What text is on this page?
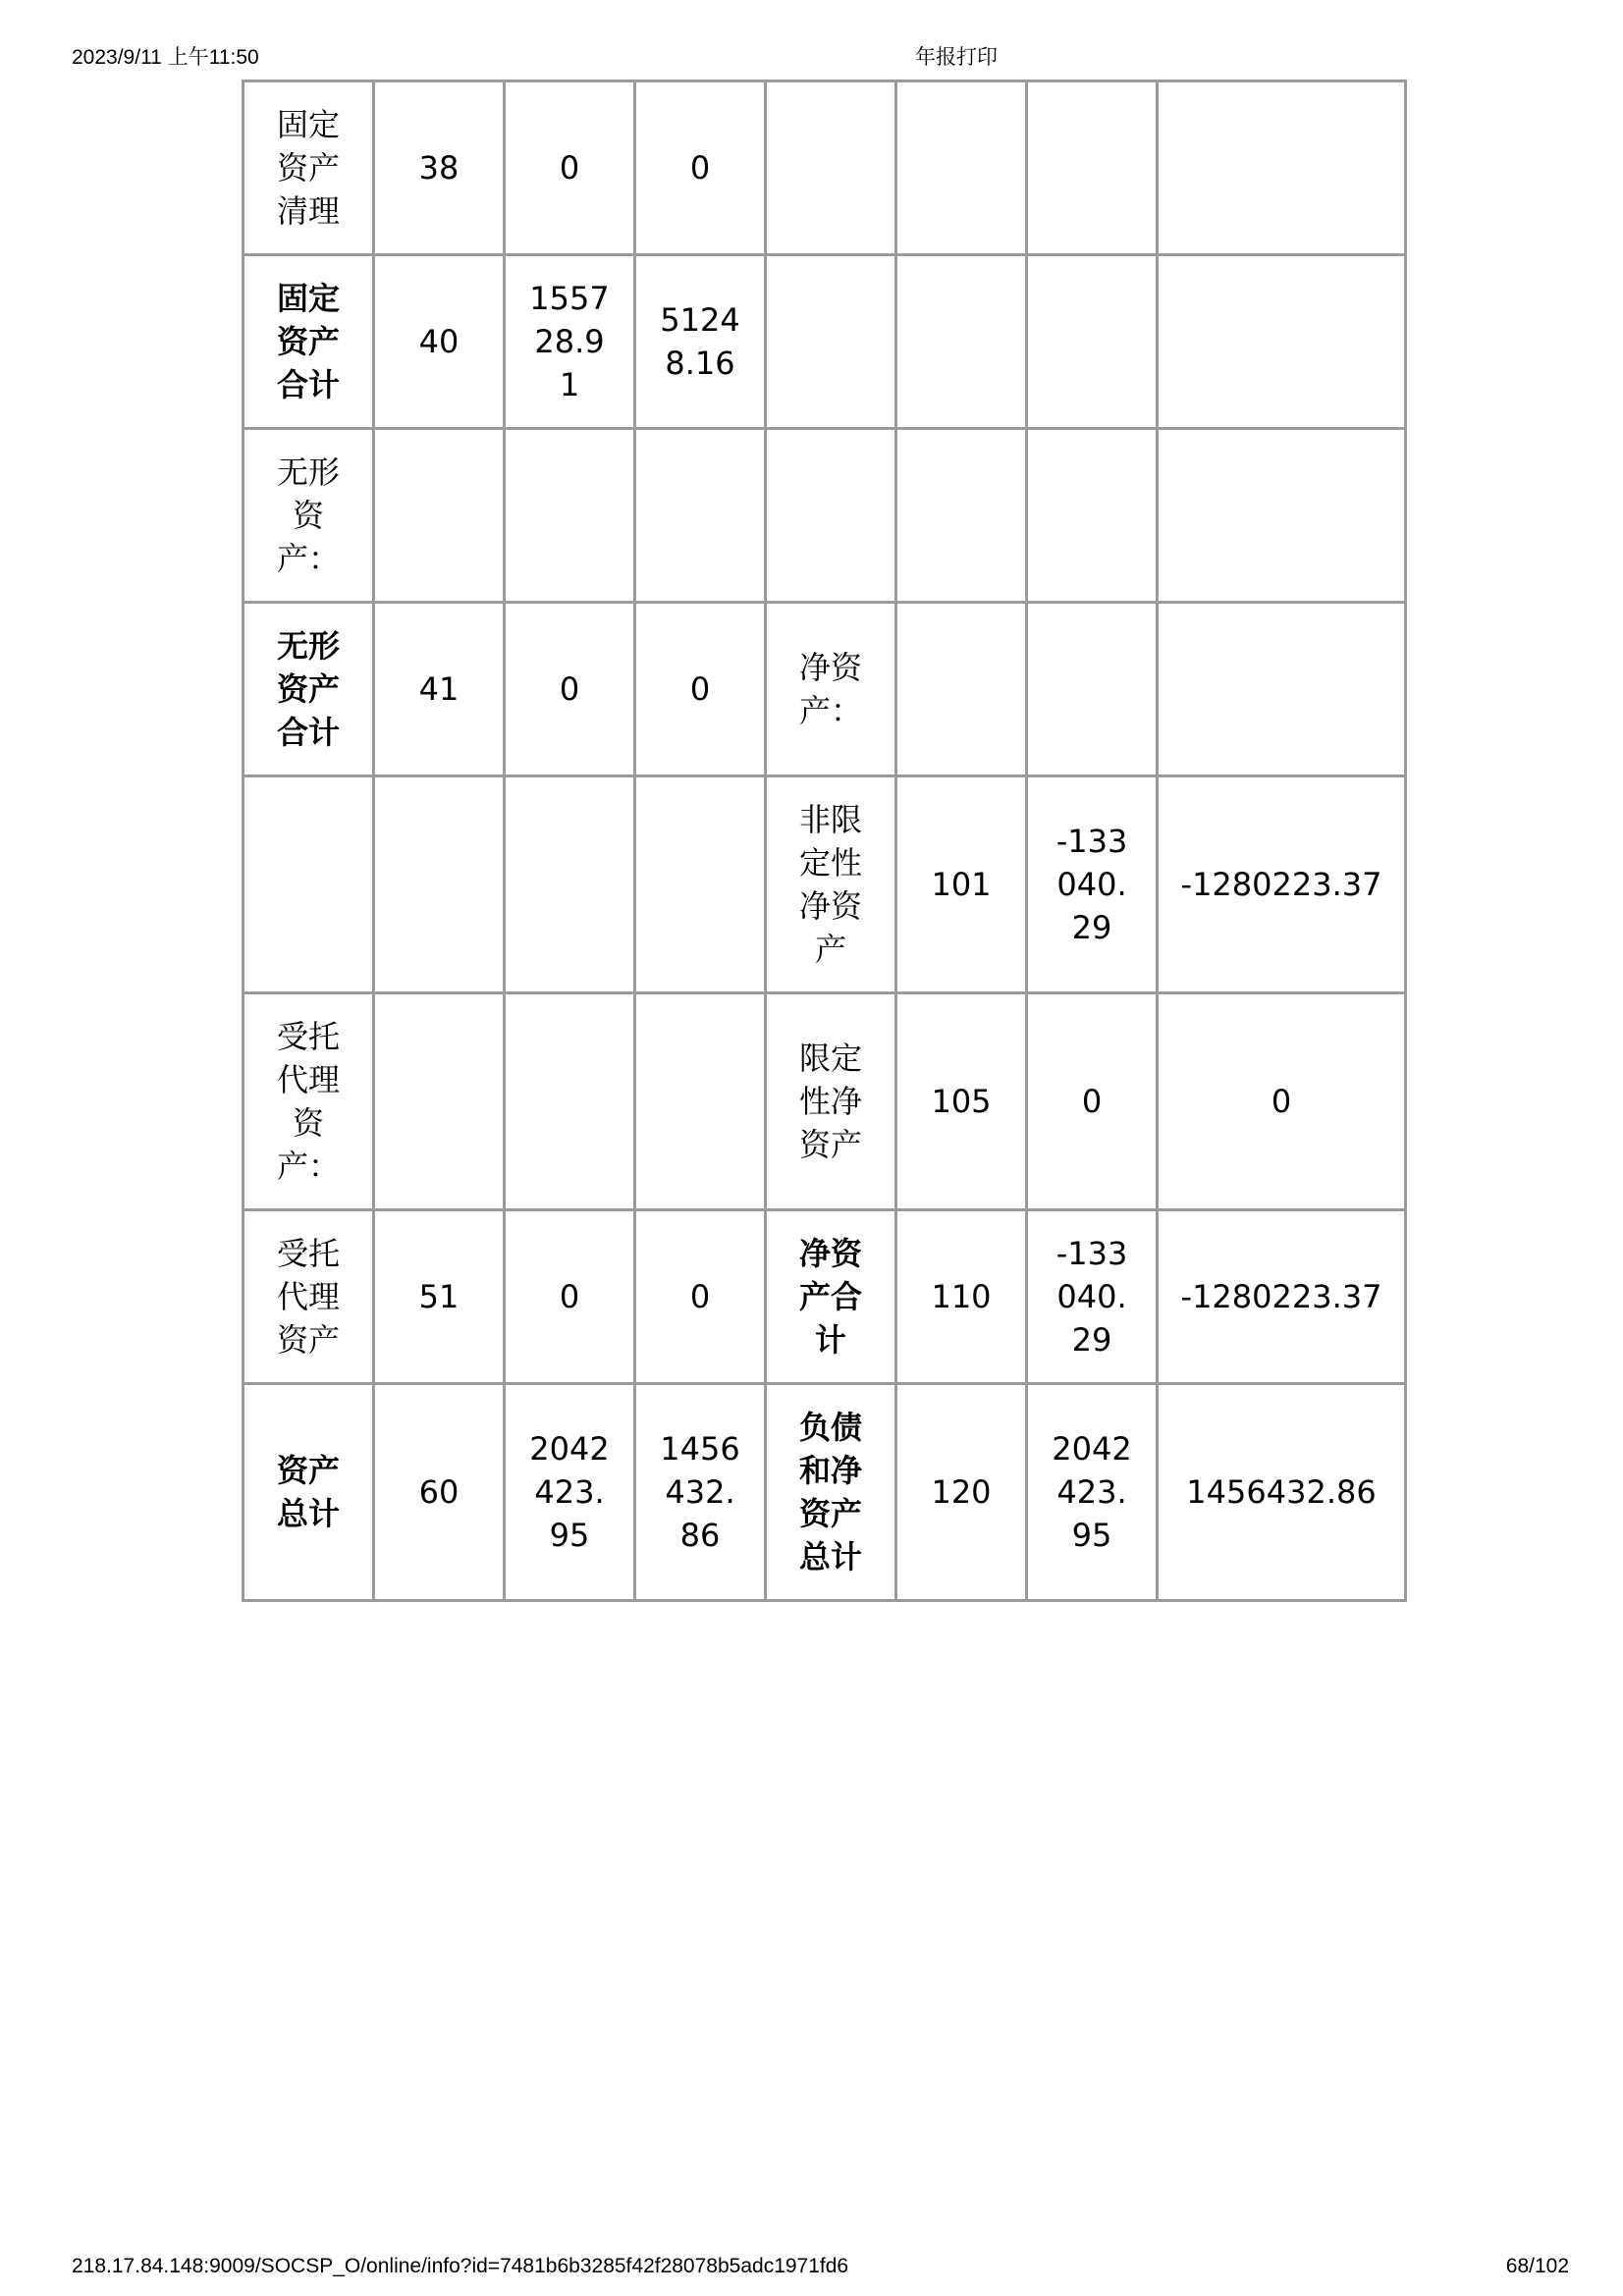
2023/9/11 上午11:50	年报打印
固定资产清理	38	0	0				
固定资产合计	40	155728.91	51248.16				
无形资产：							
无形资产合计	41	0	0	净资产：			
				非限定性净资产	101	-133040.29	-1280223.37
受托代理资产：				限定性净资产	105	0	0
受托代理资产	51	0	0	净资产合计	110	-133040.29	-1280223.37
资产总计	60	2042423.95	1456432.86	负债和净资产总计	120	2042423.95	1456432.86
218.17.84.148:9009/SOCSP_O/online/info?id=7481b6b3285f42f28078b5adc1971fd6	68/102
